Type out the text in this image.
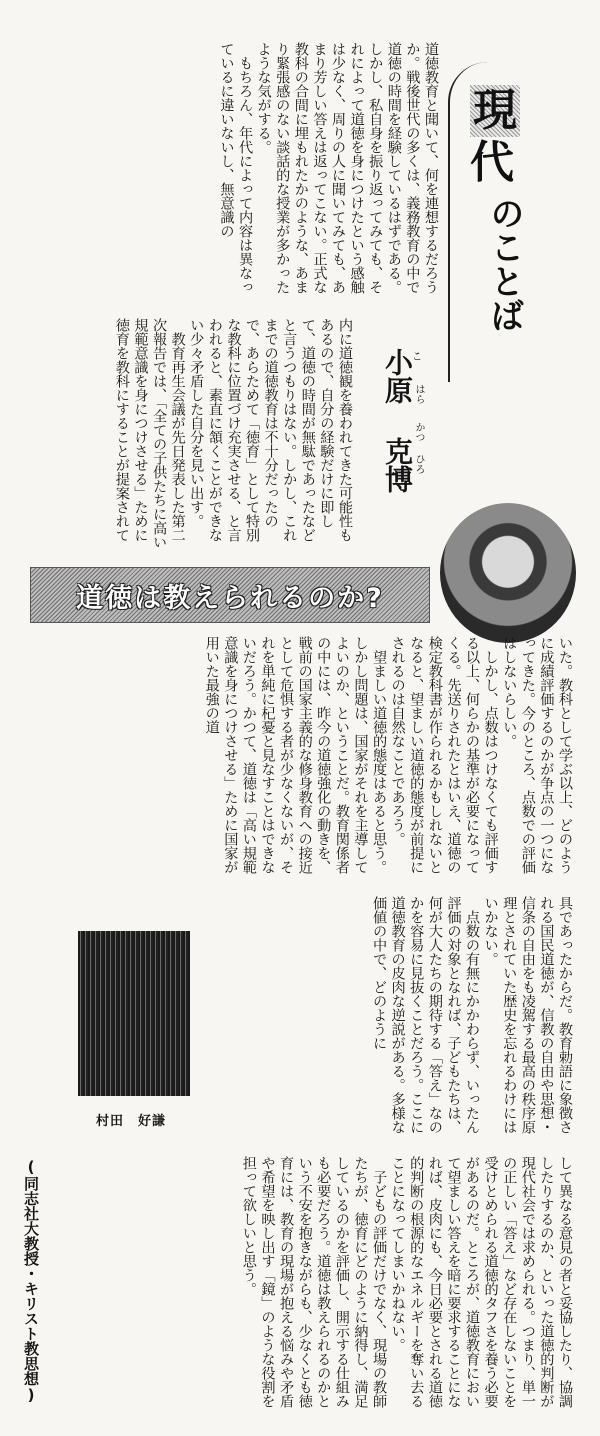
現
代
のことば
小原 克博
こ
はら
かつ
ひろ
道徳は教えられるのか?
道徳教育と聞いて、何を連想するだろうか。戦後世代の多くは、義務教育の中で道徳の時間を経験しているはずである。しかし、私自身を振り返ってみても、それによって道徳を身につけたという感触は少なく、周りの人に聞いてみても、あまり芳しい答えは返ってこない。正式な教科の合間に埋もれたかのような、あまり緊張感のない談話的な授業が多かったような気がする。
　もちろん、年代によって内容は異なっているに違いないし、無意識の
内に道徳観を養われてきた可能性もあるので、自分の経験だけに即して、道徳の時間が無駄であったなどと言うつもりはない。しかし、これまでの道徳教育は不十分だったので、あらためて「徳育」として特別な教科に位置づけ充実させる、と言われると、素直に頷くことができない少々矛盾した自分を見い出す。
　教育再生会議が先日発表した第二次報告では、「全ての子供たちに高い規範意識を身につけさせる」ために徳育を教科にすることが提案されて
いた。教科として学ぶ以上、どのように成績評価するのかが争点の一つになってきた。今のところ、点数での評価はしないらしい。
　しかし、点数はつけなくても評価する以上、何らかの基準が必要になってくる。先送りされたとはいえ、道徳の検定教科書が作られるかもしれないとなると、望ましい道徳的態度が前提にされるのは自然なことであろう。
　望ましい道徳的態度はあると思う。しかし問題は、国家がそれを主導してよいのか、ということだ。教育関係者の中には、昨今の道徳強化の動きを、戦前の国家主義的な修身教育への接近として危惧する者が少なくないが、それを単純に杞憂と見なすことはできないだろう。かつて、道徳は「高い規範意識を身につけさせる」ために国家が用いた最強の道
具であったからだ。教育勅語に象徴される国民道徳が、信教の自由や思想・信条の自由をも凌駕する最高の秩序原理とされていた歴史を忘れるわけにはいかない。
　点数の有無にかかわらず、いったん評価の対象となれば、子どもたちは、何が大人たちの期待する「答え」なのかを容易に見抜くことだろう。ここに道徳教育の皮肉な逆説がある。多様な価値の中で、どのように
して異なる意見の者と妥協したり、協調したりするのか、といった道徳的判断が現代社会では求められる。つまり、単一の正しい「答え」など存在しないことを受けとめられる道徳的タフさを養う必要があるのだ。ところが、道徳教育において望ましい答えを暗に要求することになれば、皮肉にも、今日必要とされる道徳的判断の根源的なエネルギーを奪い去ることになってしまいかねない。
　子どもの評価だけでなく、現場の教師たちが、徳育にどのように納得し、満足しているのかを評価し、開示する仕組みも必要だろう。道徳は教えられるのかという不安を抱きながらも、少なくとも徳育には、教育の現場が抱える悩みや矛盾や希望を映し出す「鏡」のような役割を担って欲しいと思う。
村田　好謙
(同志社大教授・キリスト教思想)
